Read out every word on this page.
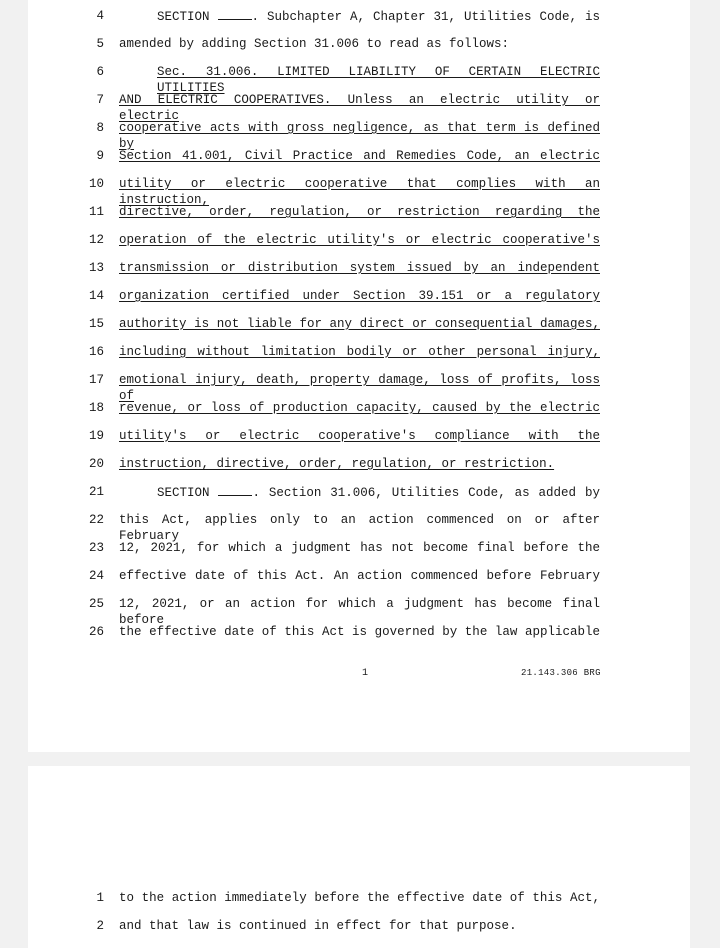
4	SECTION	. Subchapter A, Chapter 31, Utilities Code, is
5 amended by adding Section 31.006 to read as follows:
6	Sec. 31.006. LIMITED LIABILITY OF CERTAIN ELECTRIC UTILITIES
7 AND ELECTRIC COOPERATIVES. Unless an electric utility or electric
8 cooperative acts with gross negligence, as that term is defined by
9 Section 41.001, Civil Practice and Remedies Code, an electric
10 utility or electric cooperative that complies with an instruction,
11 directive, order, regulation, or restriction regarding the
12 operation of the electric utility's or electric cooperative's
13 transmission or distribution system issued by an independent
14 organization certified under Section 39.151 or a regulatory
15 authority is not liable for any direct or consequential damages,
16 including without limitation bodily or other personal injury,
17 emotional injury, death, property damage, loss of profits, loss of
18 revenue, or loss of production capacity, caused by the electric
19 utility's or electric cooperative's compliance with the
20 instruction, directive, order, regulation, or restriction.
21	SECTION	. Section 31.006, Utilities Code, as added by
22 this Act, applies only to an action commenced on or after February
23 12, 2021, for which a judgment has not become final before the
24 effective date of this Act. An action commenced before February
25 12, 2021, or an action for which a judgment has become final before
26 the effective date of this Act is governed by the law applicable
1	21.143.306 BRG
1 to the action immediately before the effective date of this Act,
2 and that law is continued in effect for that purpose.
